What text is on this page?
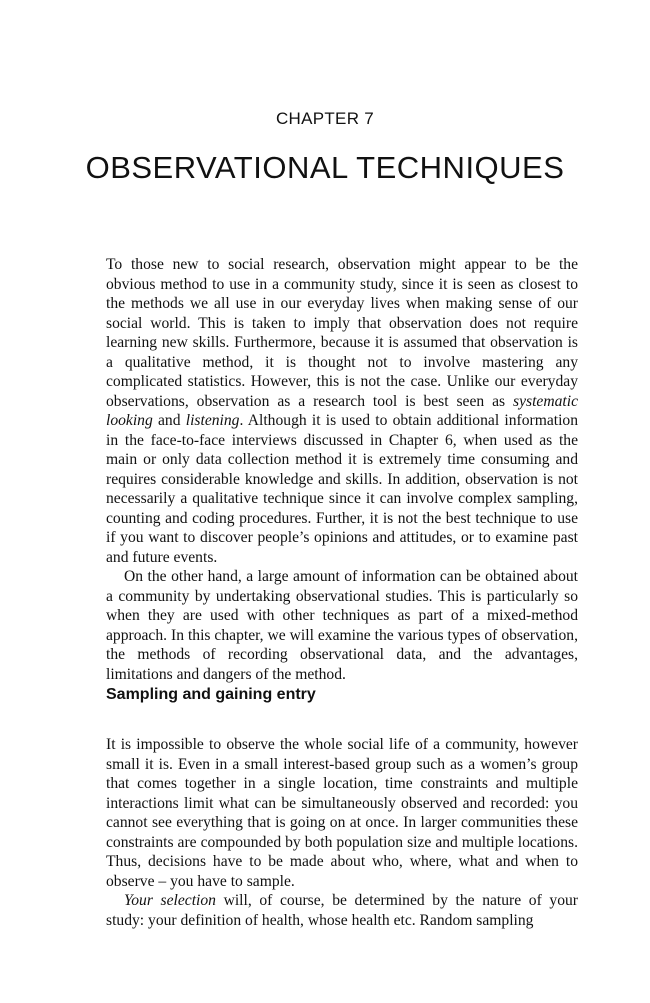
CHAPTER 7
OBSERVATIONAL TECHNIQUES

To those new to social research, observation might appear to be the obvious method to use in a community study, since it is seen as closest to the methods we all use in our everyday lives when making sense of our social world. This is taken to imply that observation does not require learning new skills. Furthermore, because it is assumed that observation is a qualitative method, it is thought not to involve mastering any complicated statistics. However, this is not the case. Unlike our everyday observations, observation as a research tool is best seen as systematic looking and listening. Although it is used to obtain additional information in the face-to-face interviews discussed in Chapter 6, when used as the main or only data collection method it is extremely time consuming and requires considerable knowledge and skills. In addition, observation is not necessarily a qualitative technique since it can involve complex sampling, counting and coding procedures. Further, it is not the best technique to use if you want to discover people’s opinions and attitudes, or to examine past and future events.

On the other hand, a large amount of information can be obtained about a community by undertaking observational studies. This is particularly so when they are used with other techniques as part of a mixed-method approach. In this chapter, we will examine the various types of observation, the methods of recording observational data, and the advantages, limitations and dangers of the method.

Sampling and gaining entry

It is impossible to observe the whole social life of a community, however small it is. Even in a small interest-based group such as a women’s group that comes together in a single location, time constraints and multiple interactions limit what can be simultaneously observed and recorded: you cannot see everything that is going on at once. In larger communities these constraints are compounded by both population size and multiple locations. Thus, decisions have to be made about who, where, what and when to observe – you have to sample.

Your selection will, of course, be determined by the nature of your study: your definition of health, whose health etc. Random sampling
